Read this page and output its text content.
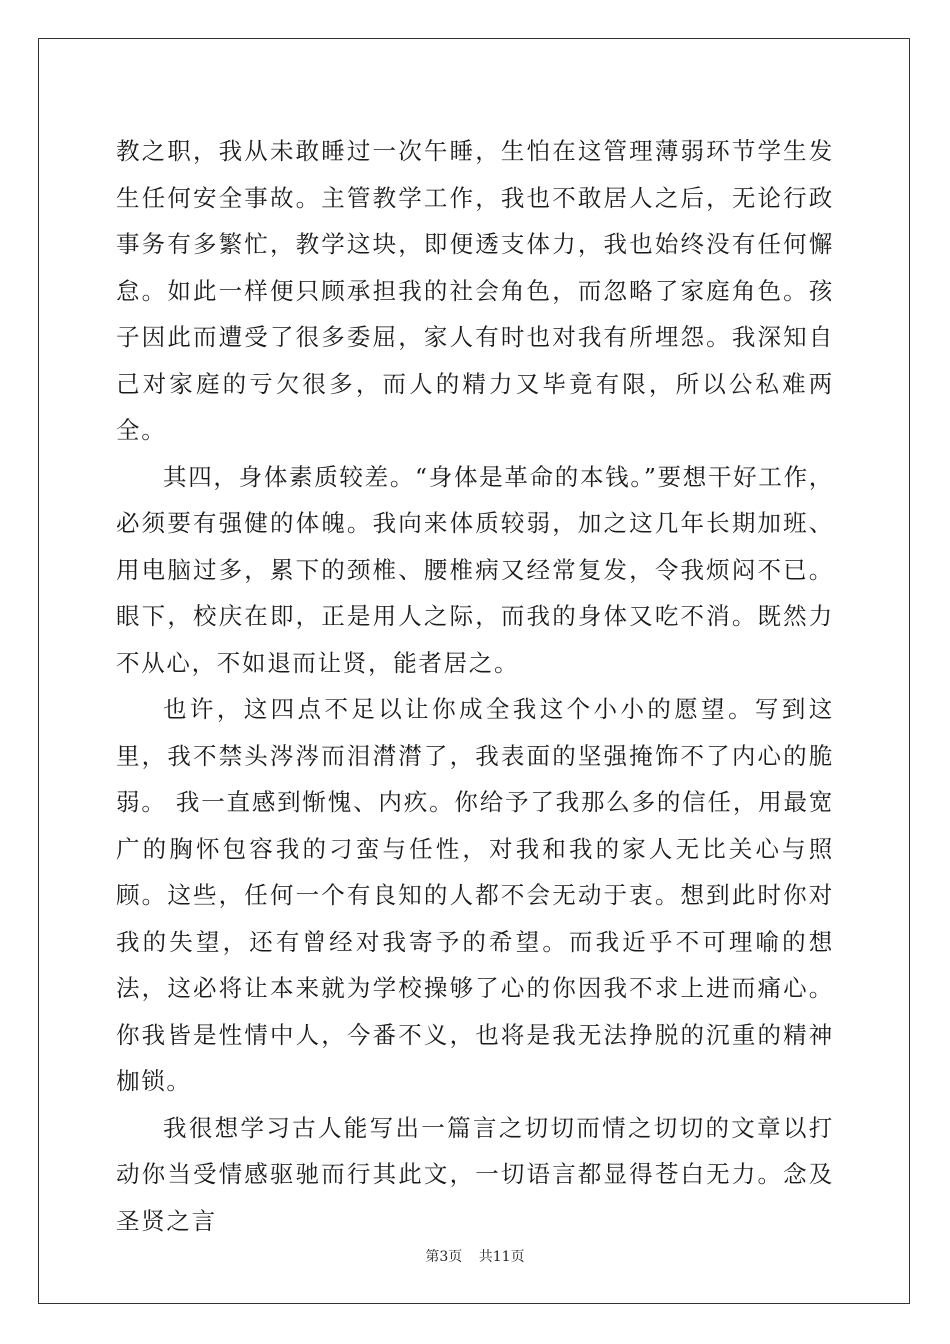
教之职，我从未敢睡过一次午睡，生怕在这管理薄弱环节学生发生任何安全事故。主管教学工作，我也不敢居人之后，无论行政事务有多繁忙，教学这块，即便透支体力，我也始终没有任何懈怠。如此一样便只顾承担我的社会角色，而忽略了家庭角色。孩子因此而遭受了很多委屈，家人有时也对我有所埋怨。我深知自己对家庭的亏欠很多，而人的精力又毕竟有限，所以公私难两全。

其四，身体素质较差。“身体是革命的本钱。”要想干好工作，必须要有强健的体魄。我向来体质较弱，加之这几年长期加班、用电脑过多，累下的颈椎、腰椎病又经常复发，令我烦闷不已。眼下，校庆在即，正是用人之际，而我的身体又吃不消。既然力不从心，不如退而让贤，能者居之。

也许，这四点不足以让你成全我这个小小的愿望。写到这里，我不禁头涔涔而泪潸潸了，我表面的坚强掩饰不了内心的脆弱。 我一直感到惭愧、内疚。你给予了我那么多的信任，用最宽广的胸怀包容我的刁蛮与任性，对我和我的家人无比关心与照顾。这些，任何一个有良知的人都不会无动于衷。想到此时你对我的失望，还有曾经对我寄予的希望。而我近乎不可理喻的想法，这必将让本来就为学校操够了心的你因我不求上进而痛心。你我皆是性情中人，今番不义，也将是我无法挣脱的沉重的精神枷锁。

我很想学习古人能写出一篇言之切切而情之切切的文章以打动你当受情感驱驰而行其此文，一切语言都显得苍白无力。念及圣贤之言

第3页 共11页
